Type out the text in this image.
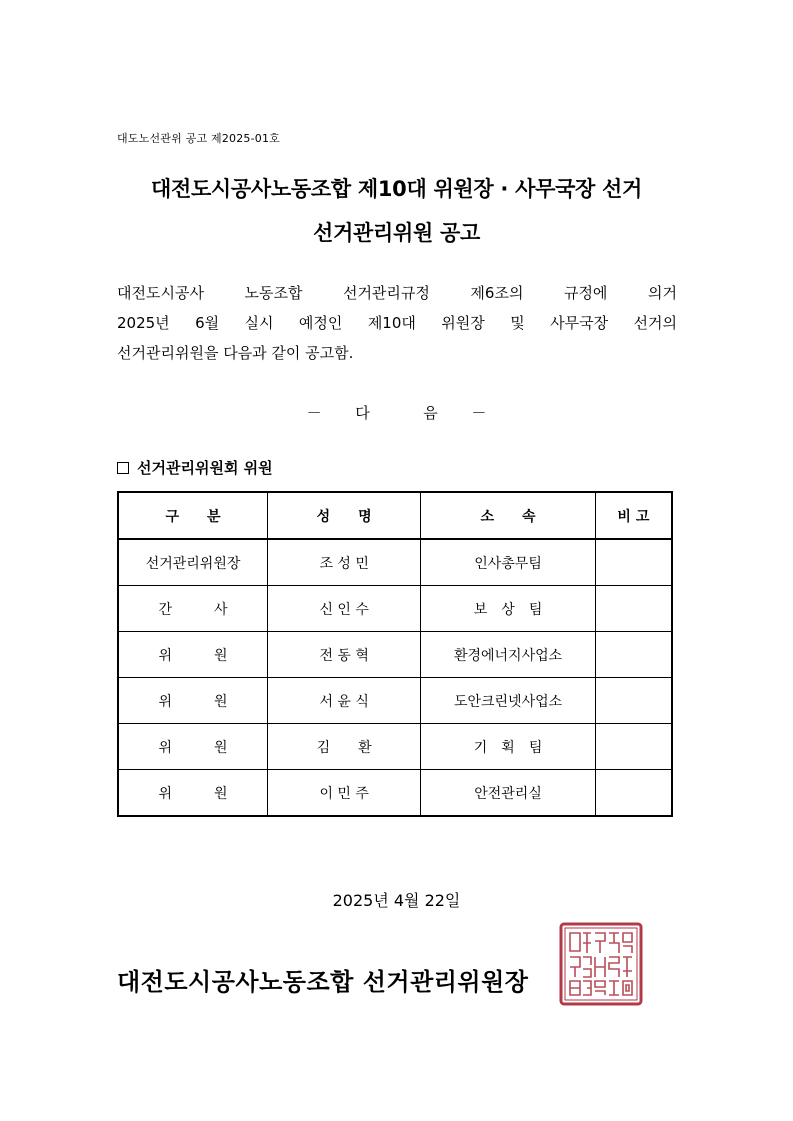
대도노선관위 공고 제2025-01호
대전도시공사노동조합 제10대 위원장 · 사무국장 선거
선거관리위원 공고
대전도시공사	노동조합	선거관리규정	제6조의	규정에	의거
2025년 6월 실시 예정인 제10대 위원장 및 사무국장 선거의
선거관리위원을 다음과 같이 공고함.
－ 다	음 －
선거관리위원회 위원
구　　분	성　　명	소　　속	비 고
선거관리위원장	조 성 민	인사총무팀	
간　　　사	신 인 수	보　상　팀	
위　　　원	전 동 혁	환경에너지사업소	
위　　　원	서 윤 식	도안크린넷사업소	
위　　　원	김　　환	기　획　팀	
위　　　원	이 민 주	안전관리실	
2025년 4월 22일
대전도시공사노동조합 선거관리위원장
